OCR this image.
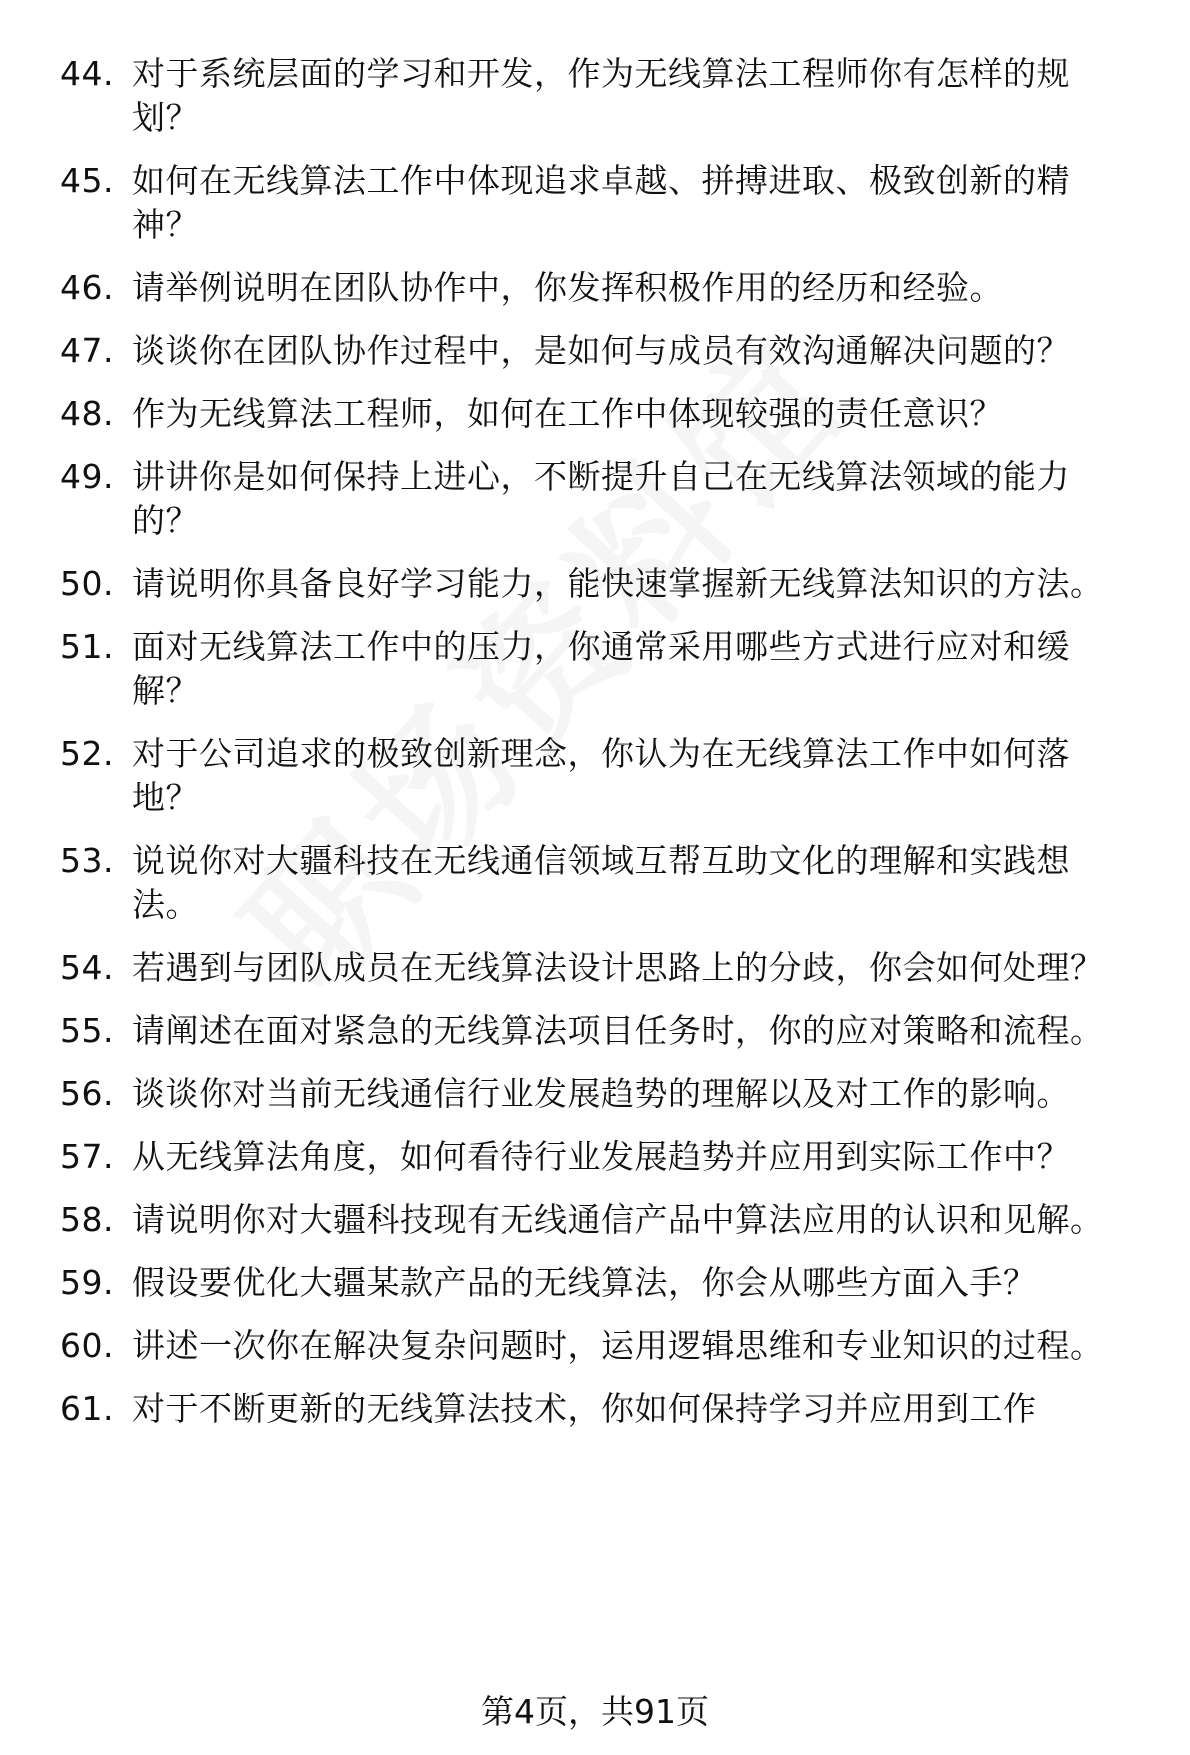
44. 对于系统层面的学习和开发，作为无线算法工程师你有怎样的规划？
45. 如何在无线算法工作中体现追求卓越、拼搏进取、极致创新的精神？
46. 请举例说明在团队协作中，你发挥积极作用的经历和经验。
47. 谈谈你在团队协作过程中，是如何与成员有效沟通解决问题的？
48. 作为无线算法工程师，如何在工作中体现较强的责任意识？
49. 讲讲你是如何保持上进心，不断提升自己在无线算法领域的能力的？
50. 请说明你具备良好学习能力，能快速掌握新无线算法知识的方法。
51. 面对无线算法工作中的压力，你通常采用哪些方式进行应对和缓解？
52. 对于公司追求的极致创新理念，你认为在无线算法工作中如何落地？
53. 说说你对大疆科技在无线通信领域互帮互助文化的理解和实践想法。
54. 若遇到与团队成员在无线算法设计思路上的分歧，你会如何处理？
55. 请阐述在面对紧急的无线算法项目任务时，你的应对策略和流程。
56. 谈谈你对当前无线通信行业发展趋势的理解以及对工作的影响。
57. 从无线算法角度，如何看待行业发展趋势并应用到实际工作中？
58. 请说明你对大疆科技现有无线通信产品中算法应用的认识和见解。
59. 假设要优化大疆某款产品的无线算法，你会从哪些方面入手？
60. 讲述一次你在解决复杂问题时，运用逻辑思维和专业知识的过程。
61. 对于不断更新的无线算法技术，你如何保持学习并应用到工作
第4页，共91页
